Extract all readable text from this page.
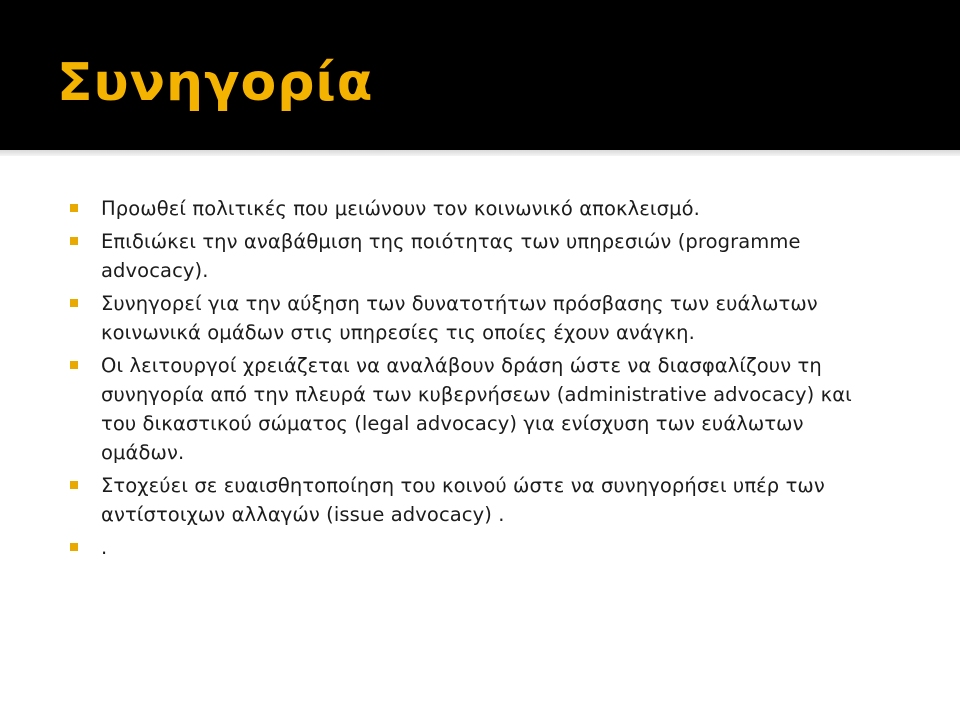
Συνηγορία
Προωθεί πολιτικές που μειώνουν τον κοινωνικό αποκλεισμό.
Επιδιώκει την αναβάθμιση της ποιότητας των υπηρεσιών (programme advocacy).
Συνηγορεί για την αύξηση των δυνατοτήτων πρόσβασης των ευάλωτων κοινωνικά ομάδων στις υπηρεσίες τις οποίες έχουν ανάγκη.
Οι λειτουργοί χρειάζεται να αναλάβουν δράση ώστε να διασφαλίζουν τη συνηγορία από την πλευρά των κυβερνήσεων (administrative advocacy) και του δικαστικού σώματος (legal advocacy) για ενίσχυση των ευάλωτων ομάδων.
Στοχεύει σε ευαισθητοποίηση του κοινού ώστε να συνηγορήσει υπέρ των αντίστοιχων αλλαγών (issue advocacy) .
.
